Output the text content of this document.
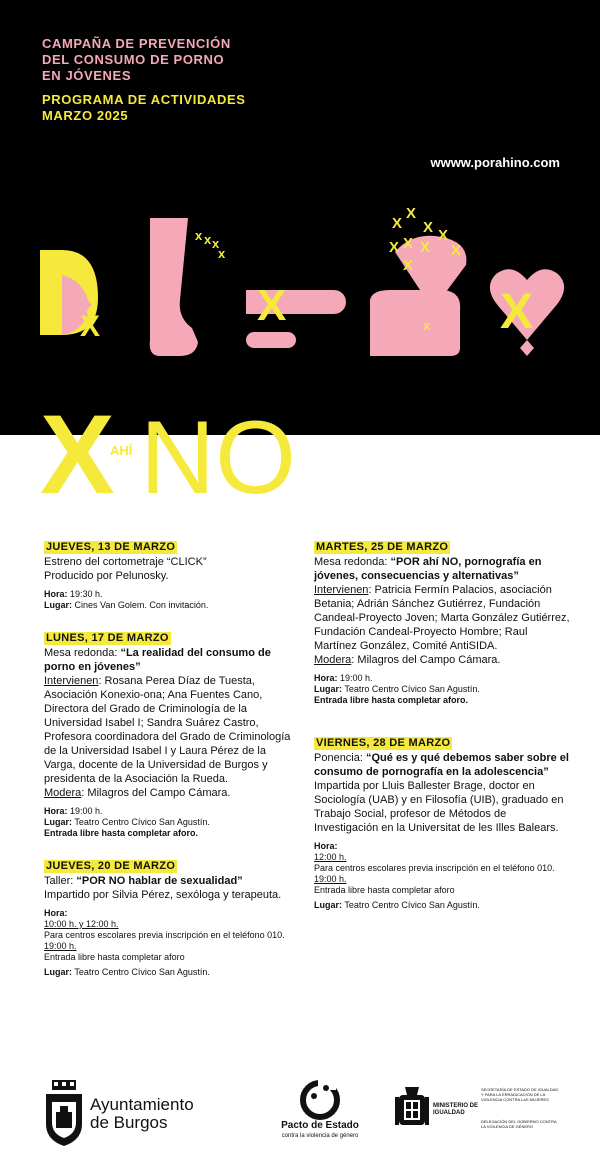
CAMPAÑA DE PREVENCIÓN
DEL CONSUMO DE PORNO
EN JÓVENES
PROGRAMA DE ACTIVIDADES
MARZO 2025
wwww.porahino.com
X
x x x
x
X
X
X X X
X
X X X
X
x X
X
AHÍ NO
JUEVES, 13 DE MARZO
Estreno del cortometraje “CLICK”
Producido por Pelunosky.
Hora: 19:30 h.
Lugar: Cines Van Golem. Con invitación.
LUNES, 17 DE MARZO
Mesa redonda: “La realidad del consumo de porno en jóvenes”
Intervienen: Rosana Perea Díaz de Tuesta, Asociación Konexio-ona; Ana Fuentes Cano, Directora del Grado de Criminología de la Universidad Isabel I; Sandra Suárez Castro, Profesora coordinadora del Grado de Criminología de la Universidad Isabel I y Laura Pérez de la Varga, docente de la Universidad de Burgos y presidenta de la Asociación la Rueda.
Modera: Milagros del Campo Cámara.
Hora: 19:00 h.
Lugar: Teatro Centro Cívico San Agustín.
Entrada libre hasta completar aforo.
JUEVES, 20 DE MARZO
Taller: “POR NO hablar de sexualidad”
Impartido por Silvia Pérez, sexóloga y terapeuta.
Hora:
10:00 h. y 12:00 h.
Para centros escolares previa inscripción en el teléfono 010.
19:00 h.
Entrada libre hasta completar aforo
Lugar: Teatro Centro Cívico San Agustín.
MARTES, 25 DE MARZO
Mesa redonda: “POR ahí NO, pornografía en jóvenes, consecuencias y alternativas”
Intervienen: Patricia Fermín Palacios, asociación Betania; Adrián Sánchez Gutiérrez, Fundación Candeal-Proyecto Joven; Marta González Gutiérrez, Fundación Candeal-Proyecto Hombre; Raul Martínez González, Comité AntiSIDA.
Modera: Milagros del Campo Cámara.
Hora: 19:00 h.
Lugar: Teatro Centro Cívico San Agustín.
Entrada libre hasta completar aforo.
VIERNES, 28 DE MARZO
Ponencia: “Qué es y qué debemos saber sobre el consumo de pornografía en la adolescencia”
Impartida por Lluis Ballester Brage, doctor en Sociología (UAB) y en Filosofía (UIB), graduado en Trabajo Social, profesor de Métodos de Investigación en la Universitat de les Illes Balears.
Hora:
12:00 h.
Para centros escolares previa inscripción en el teléfono 010.
19:00 h.
Entrada libre hasta completar aforo
Lugar: Teatro Centro Cívico San Agustín.
Ayuntamiento
de Burgos	Pacto de Estado
contra la violencia de género
MINISTERIO DE IGUALDAD
SECRETARÍA DE ESTADO DE IGUALDAD Y PARA LA ERRADICACIÓN DE LA VIOLENCIA CONTRA LAS MUJERES
DELEGACIÓN DEL GOBIERNO CONTRA LA VIOLENCIA DE GÉNERO
